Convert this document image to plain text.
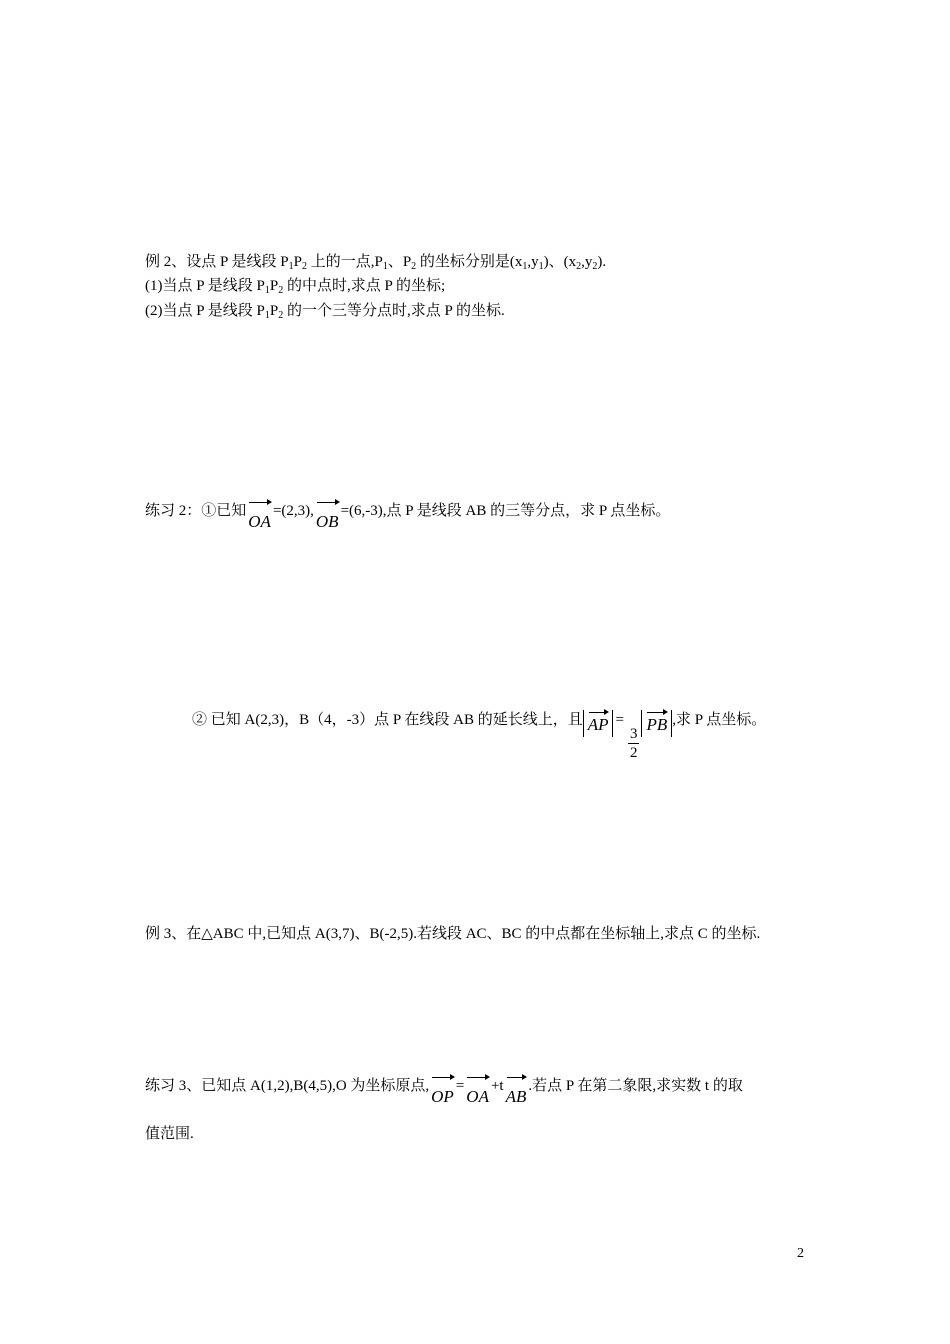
例 2、设点 P 是线段 $P_1P_2$ 上的一点$,P_1$、$P_2$ 的坐标分别是$(x_1,y_1)$、$(x_2,y_2)$.
(1)当点 P 是线段 $P_1P_2$ 的中点时,求点 P 的坐标;
(2)当点 P 是线段 $P_1P_2$ 的一个三等分点时,求点 P 的坐标.
练习 2：①已知
OA=(2,3),
OB=(6,-3),点 P 是线段 AB 的三等分点，求 P 点坐标。
② 已知 A(2,3)，B（4，-3）点 P 在线段 AB 的延长线上，且 AP =
$\frac{3}{2}$
PB ,求 P 点坐标。
例 3、在△ABC 中,已知点 A(3,7)、B(-2,5).若线段 AC、BC 的中点都在坐标轴上,求点 C 的坐标.
练习 3、已知点 A(1,2),B(4,5),O 为坐标原点,
OP=
OA+t
AB.若点 P 在第二象限,求实数 t 的取
值范围.
2
